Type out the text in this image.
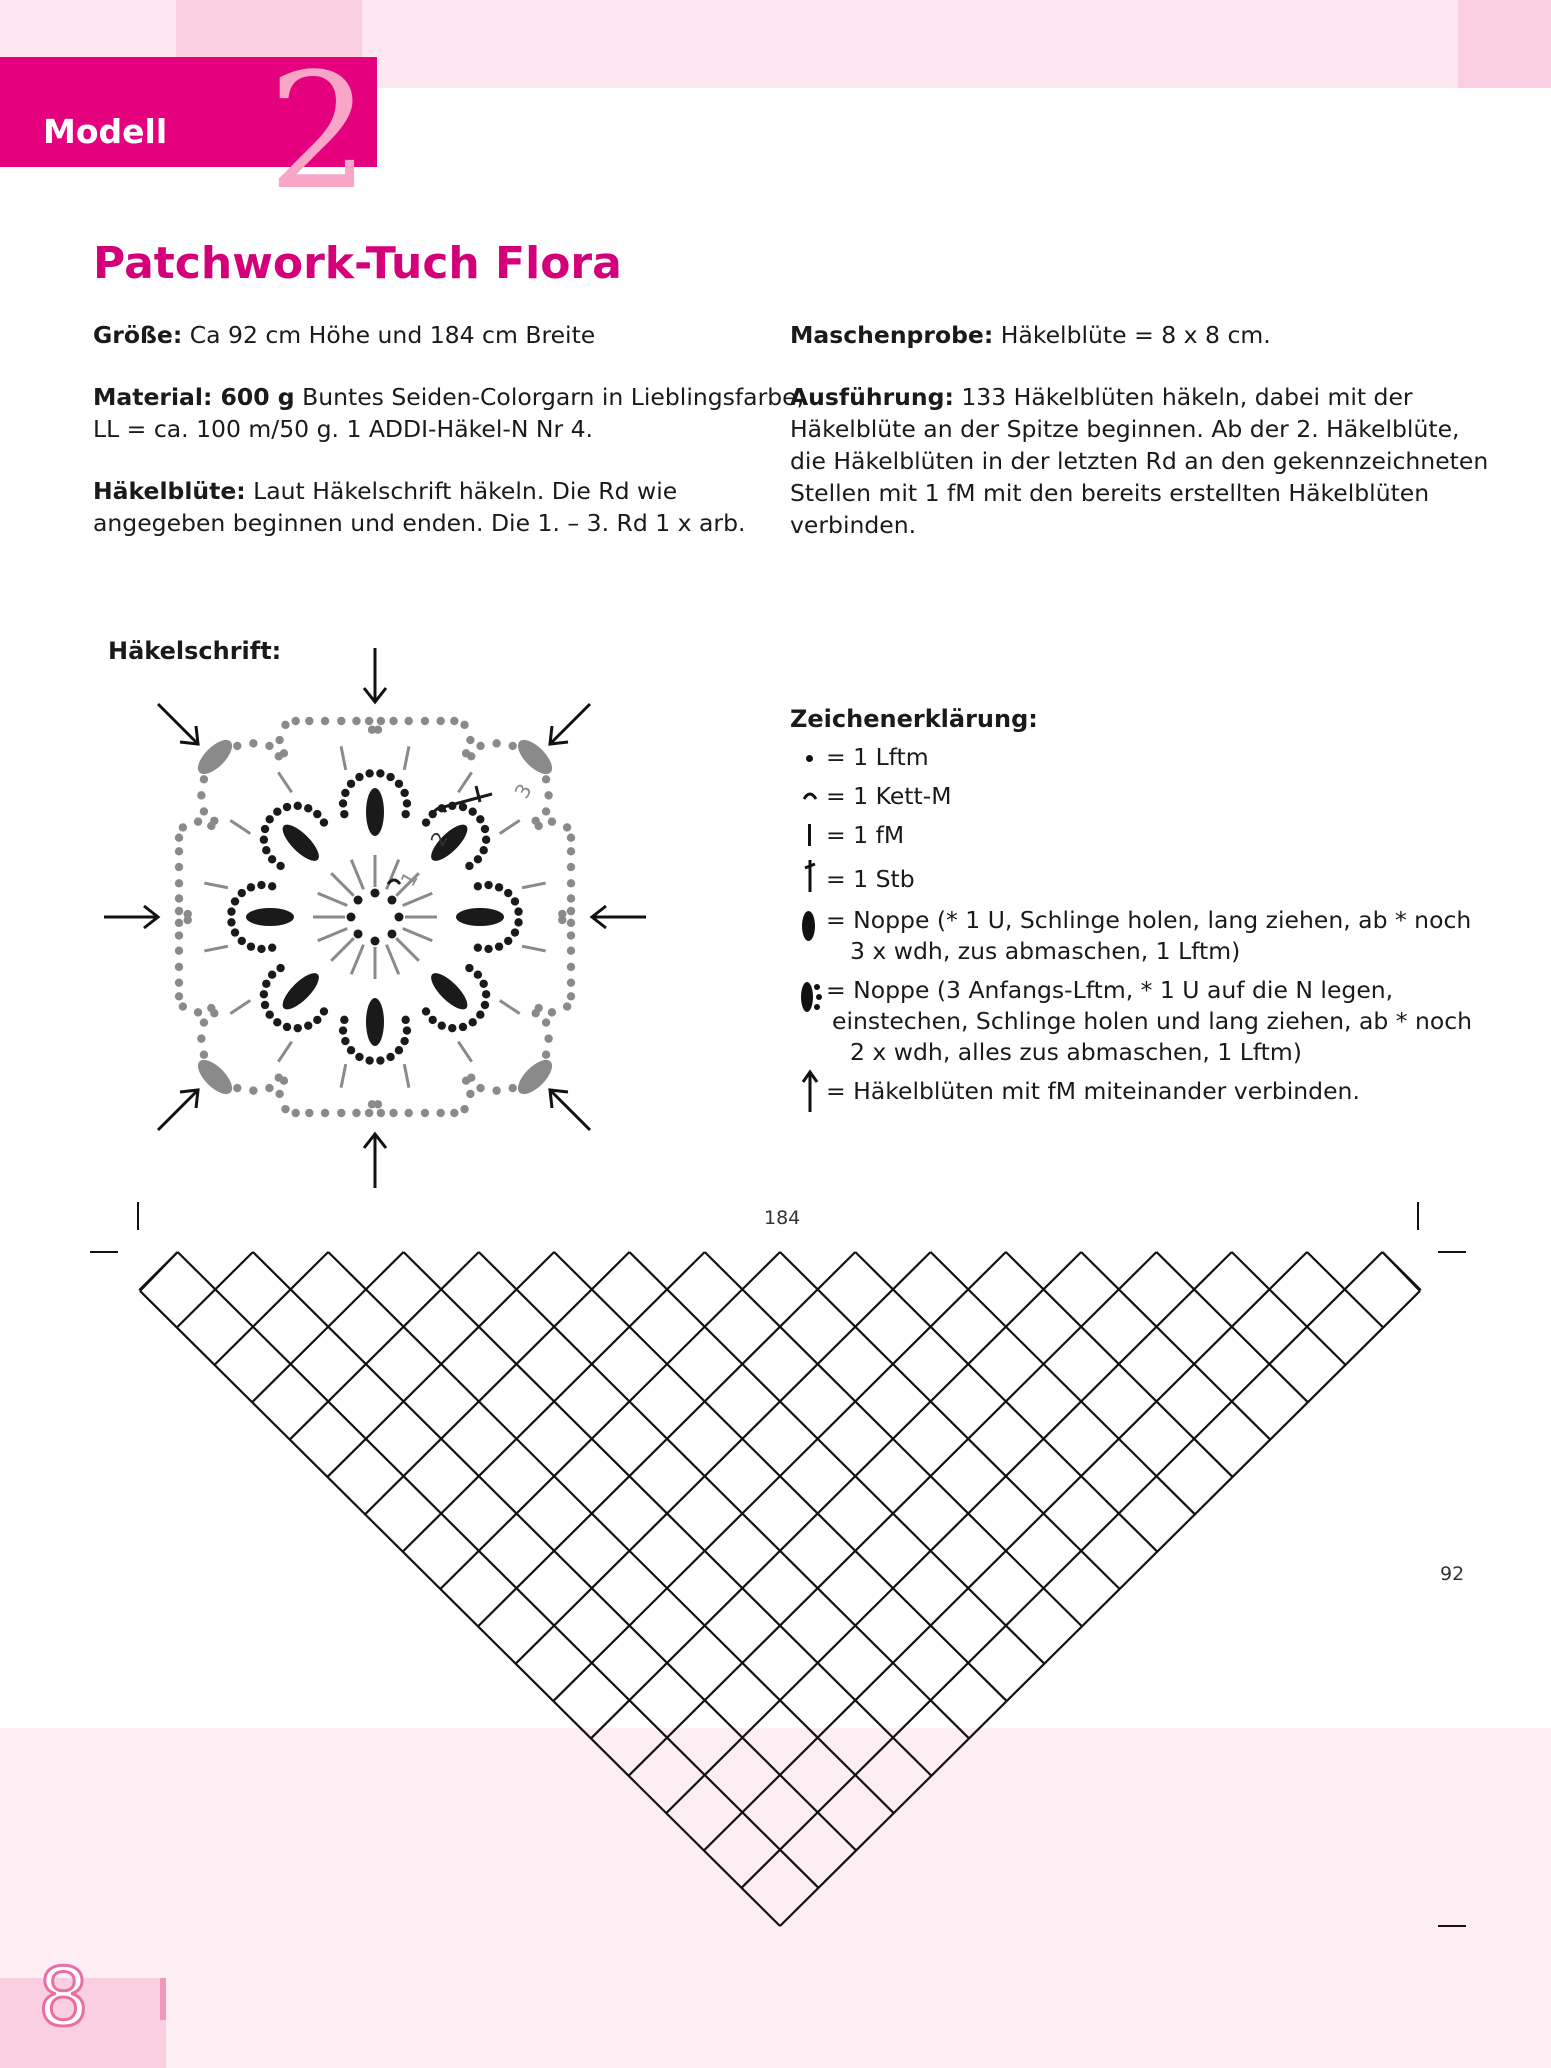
Modell 2
Patchwork-Tuch Flora
Größe: Ca 92 cm Höhe und 184 cm Breite
Material: 600 g Buntes Seiden-Colorgarn in Lieblingsfarbe,
LL = ca. 100 m/50 g. 1 ADDI-Häkel-N Nr 4.
Häkelblüte: Laut Häkelschrift häkeln. Die Rd wie
angegeben beginnen und enden. Die 1. – 3. Rd 1 x arb.
Maschenprobe: Häkelblüte = 8 x 8 cm.
Ausführung: 133 Häkelblüten häkeln, dabei mit der
Häkelblüte an der Spitze beginnen. Ab der 2. Häkelblüte,
die Häkelblüten in der letzten Rd an den gekennzeichneten
Stellen mit 1 fM mit den bereits erstellten Häkelblüten
verbinden.
Häkelschrift:
1
2
3
Zeichenerklärung:
= 1 Lftm
= 1 Kett-M
= 1 fM
= 1 Stb
= Noppe (* 1 U, Schlinge holen, lang ziehen, ab * noch
3 x wdh, zus abmaschen, 1 Lftm)
= Noppe (3 Anfangs-Lftm, * 1 U auf die N legen,
einstechen, Schlinge holen und lang ziehen, ab * noch
2 x wdh, alles zus abmaschen, 1 Lftm)
= Häkelblüten mit fM miteinander verbinden.
184
92
8
